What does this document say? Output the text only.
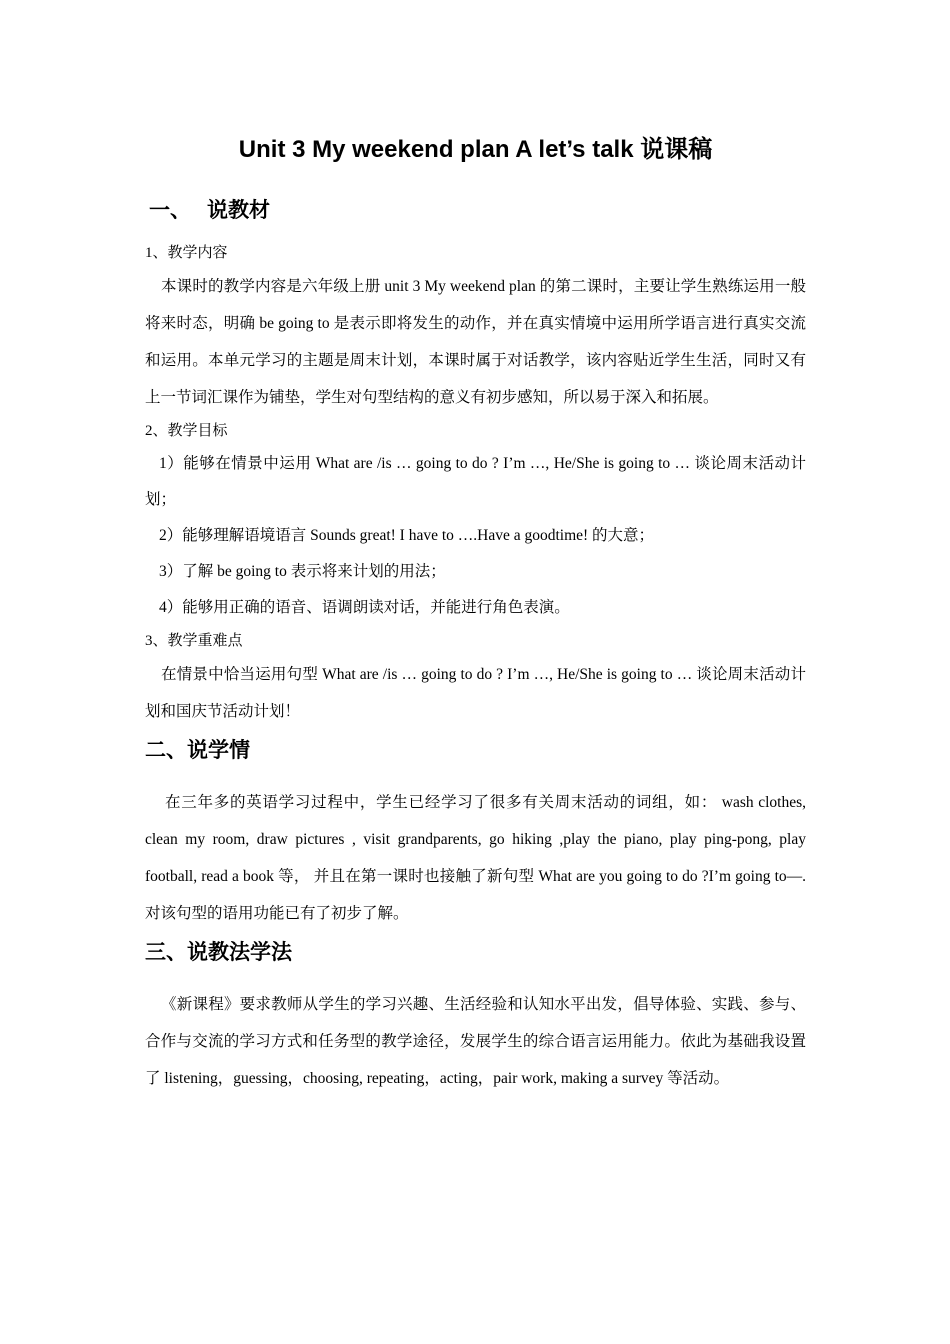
Unit 3 My weekend plan A let’s talk 说课稿
一、 说教材

1、教学内容

本课时的教学内容是六年级上册 unit 3 My weekend plan 的第二课时，主要让学生熟练运用一般将来时态，明确 be going to 是表示即将发生的动作，并在真实情境中运用所学语言进行真实交流和运用。本单元学习的主题是周末计划，本课时属于对话教学，该内容贴近学生生活，同时又有上一节词汇课作为铺垫，学生对句型结构的意义有初步感知，所以易于深入和拓展。

2、教学目标

1）能够在情景中运用 What are /is … going to do ? I’m …, He/She is going to … 谈论周末活动计划；

2）能够理解语境语言 Sounds great! I have to ….Have a goodtime! 的大意；

3）了解 be going to 表示将来计划的用法；

4）能够用正确的语音、语调朗读对话，并能进行角色表演。

3、教学重难点

在情景中恰当运用句型 What are /is … going to do ? I’m …, He/She is going to … 谈论周末活动计划和国庆节活动计划！

二、说学情

在三年多的英语学习过程中，学生已经学习了很多有关周末活动的词组，如： wash clothes, clean my room, draw pictures , visit grandparents, go hiking ,play the piano, play ping-pong, play football, read a book 等， 并且在第一课时也接触了新句型 What are you going to do ?I’m going to—.对该句型的语用功能已有了初步了解。

三、说教法学法

《新课程》要求教师从学生的学习兴趣、生活经验和认知水平出发，倡导体验、实践、参与、合作与交流的学习方式和任务型的教学途径，发展学生的综合语言运用能力。依此为基础我设置了 listening，guessing，choosing, repeating，acting，pair work, making a survey 等活动。
